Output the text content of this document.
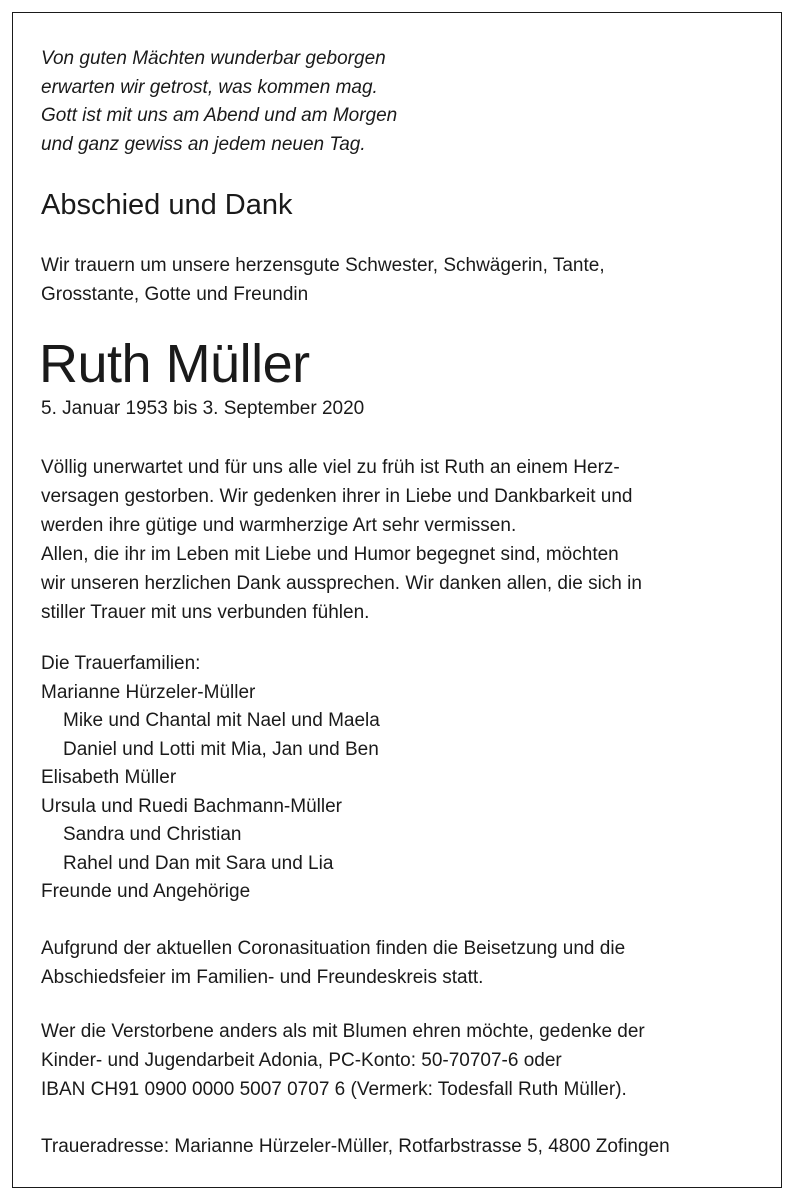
Von guten Mächten wunderbar geborgen
erwarten wir getrost, was kommen mag.
Gott ist mit uns am Abend und am Morgen
und ganz gewiss an jedem neuen Tag.
Abschied und Dank
Wir trauern um unsere herzensgute Schwester, Schwägerin, Tante,
Grosstante, Gotte und Freundin
Ruth Müller
5. Januar 1953 bis 3. September 2020
Völlig unerwartet und für uns alle viel zu früh ist Ruth an einem Herz-
versagen gestorben. Wir gedenken ihrer in Liebe und Dankbarkeit und
werden ihre gütige und warmherzige Art sehr vermissen.
Allen, die ihr im Leben mit Liebe und Humor begegnet sind, möchten
wir unseren herzlichen Dank aussprechen. Wir danken allen, die sich in
stiller Trauer mit uns verbunden fühlen.
Die Trauerfamilien:
Marianne Hürzeler-Müller
Mike und Chantal mit Nael und Maela
Daniel und Lotti mit Mia, Jan und Ben
Elisabeth Müller
Ursula und Ruedi Bachmann-Müller
Sandra und Christian
Rahel und Dan mit Sara und Lia
Freunde und Angehörige
Aufgrund der aktuellen Coronasituation finden die Beisetzung und die
Abschiedsfeier im Familien- und Freundeskreis statt.
Wer die Verstorbene anders als mit Blumen ehren möchte, gedenke der
Kinder- und Jugendarbeit Adonia, PC-Konto: 50-70707-6 oder
IBAN CH91 0900 0000 5007 0707 6 (Vermerk: Todesfall Ruth Müller).
Traueradresse: Marianne Hürzeler-Müller, Rotfarbstrasse 5, 4800 Zofingen
